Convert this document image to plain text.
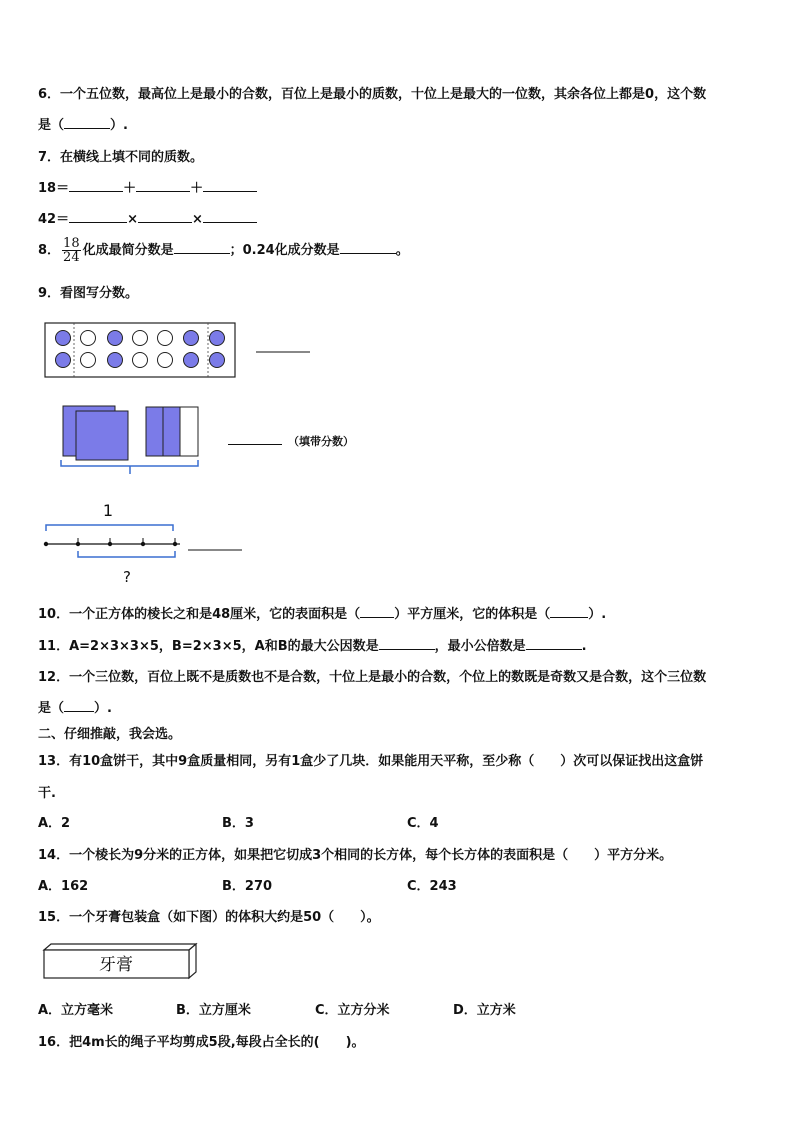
6．一个五位数，最高位上是最小的合数，百位上是最小的质数，十位上是最大的一位数，其余各位上都是0，这个数
是（	）.
7．在横线上填不同的质数。
18＝	＋	＋
42＝	×	×
8． $\frac{18}{24}$ 化成最简分数是	；0.24化成分数是	。
9．看图写分数。
（填带分数）
1
?
10．一个正方体的棱长之和是48厘米，它的表面积是（	）平方厘米，它的体积是（	）.
11．A=2×3×3×5，B=2×3×5，A和B的最大公因数是	，最小公倍数是	.
12．一个三位数，百位上既不是质数也不是合数，十位上是最小的合数，个位上的数既是奇数又是合数，这个三位数
是（ ）.
二、仔细推敲，我会选。
13．有10盒饼干，其中9盒质量相同，另有1盒少了几块．如果能用天平称，至少称（　　）次可以保证找出这盒饼
干.
A．2	B．3	C．4
14．一个棱长为9分米的正方体，如果把它切成3个相同的长方体，每个长方体的表面积是（　　）平方分米。
A．162	B．270	C．243
15．一个牙膏包装盒（如下图）的体积大约是50（　　）。
牙膏
A．立方毫米	B．立方厘米	C．立方分米	D．立方米
16．把4m长的绳子平均剪成5段,每段占全长的(　　)。
